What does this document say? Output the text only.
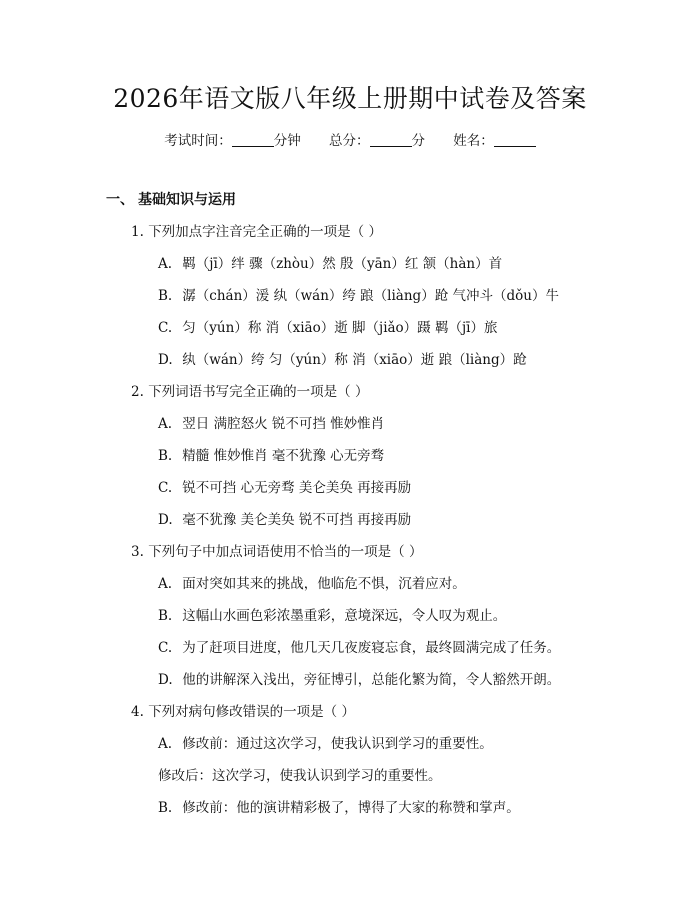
2026年语文版八年级上册期中试卷及答案
考试时间：	分钟 总分：	分 姓名：
一、 基础知识与运用
1. 下列加点字注音完全正确的一项是（ ）
A. 羁（jī）绊 骤（zhòu）然 殷（yān）红 颔（hàn）首
B. 潺（chán）湲 纨（wán）绔 踉（liàng）跄 气冲斗（dǒu）牛
C. 匀（yún）称 消（xiāo）逝 脚（jiǎo）蹑 羁（jī）旅
D. 纨（wán）绔 匀（yún）称 消（xiāo）逝 踉（liàng）跄
2. 下列词语书写完全正确的一项是（ ）
A. 翌日 满腔怒火 锐不可挡 惟妙惟肖
B. 精髓 惟妙惟肖 毫不犹豫 心无旁骛
C. 锐不可挡 心无旁骛 美仑美奂 再接再励
D. 毫不犹豫 美仑美奂 锐不可挡 再接再励
3. 下列句子中加点词语使用不恰当的一项是（ ）
A. 面对突如其来的挑战，他临危不惧，沉着应对。
B. 这幅山水画色彩浓墨重彩，意境深远，令人叹为观止。
C. 为了赶项目进度，他几天几夜废寝忘食，最终圆满完成了任务。
D. 他的讲解深入浅出，旁征博引，总能化繁为简，令人豁然开朗。
4. 下列对病句修改错误的一项是（ ）
A. 修改前：通过这次学习，使我认识到学习的重要性。
修改后：这次学习，使我认识到学习的重要性。
B. 修改前：他的演讲精彩极了，博得了大家的称赞和掌声。
